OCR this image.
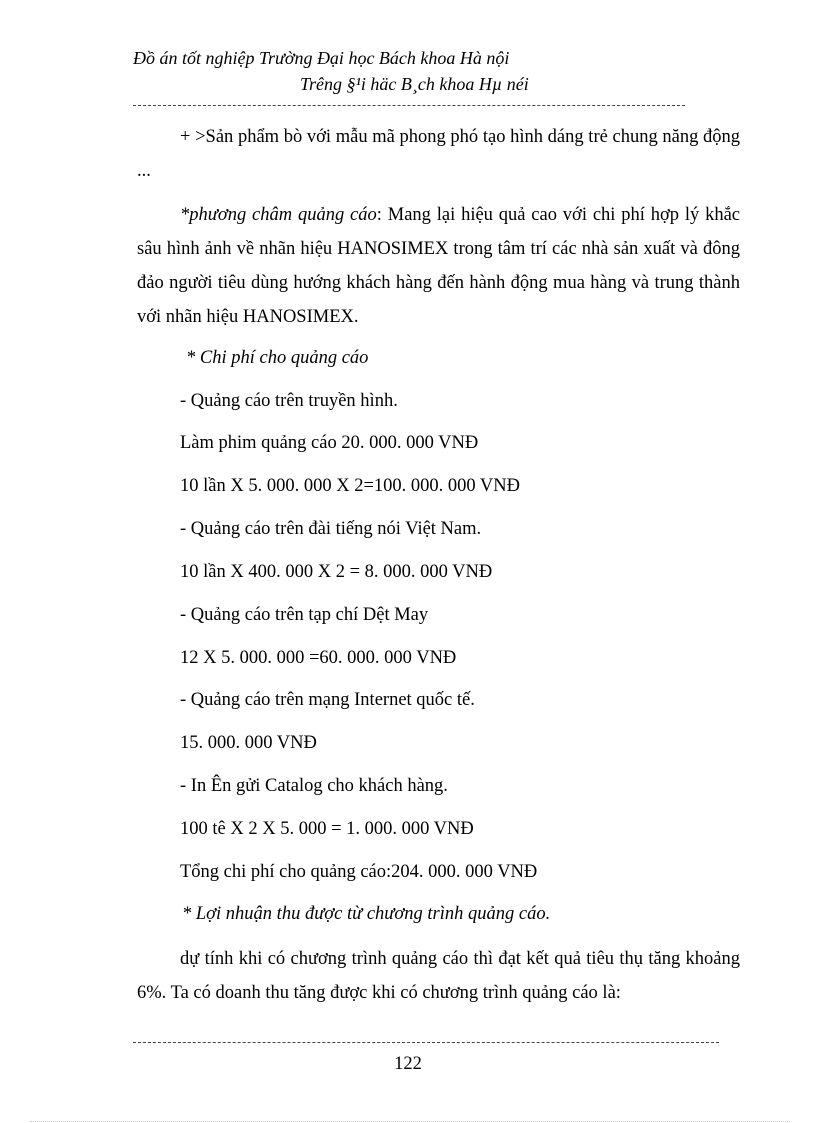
Đồ án tốt nghiệp Trường Đại học Bách khoa Hà nội
Trêng §¹i häc B¸ch khoa Hµ néi
+ >Sản phẩm bò với mẫu mã phong phó tạo hình dáng trẻ chung năng động ...
*phương châm quảng cáo: Mang lại hiệu quả cao với chi phí hợp lý khắc sâu hình ảnh về nhãn hiệu HANOSIMEX trong tâm trí các nhà sản xuất và đông đảo người tiêu dùng hướng khách hàng đến hành động mua hàng và trung thành với nhãn hiệu HANOSIMEX.
* Chi phí cho quảng cáo
- Quảng cáo trên truyền hình.
Làm phim quảng cáo 20. 000. 000 VNĐ
10 lần X 5. 000. 000 X 2=100. 000. 000 VNĐ
- Quảng cáo trên đài tiếng nói Việt Nam.
10 lần X 400. 000 X 2 = 8. 000. 000 VNĐ
- Quảng cáo trên tạp chí Dệt May
12 X 5. 000. 000 =60. 000. 000 VNĐ
- Quảng cáo trên mạng Internet quốc tế.
15. 000. 000 VNĐ
- In Ên gửi Catalog cho khách hàng.
100 tê X 2 X 5. 000 = 1. 000. 000 VNĐ
Tổng chi phí cho quảng cáo:204. 000. 000 VNĐ
* Lợi nhuận thu được từ chương trình quảng cáo.
dự tính khi có chương trình quảng cáo thì đạt kết quả tiêu thụ tăng khoảng 6%. Ta có doanh thu tăng được khi có chương trình quảng cáo là:
122
